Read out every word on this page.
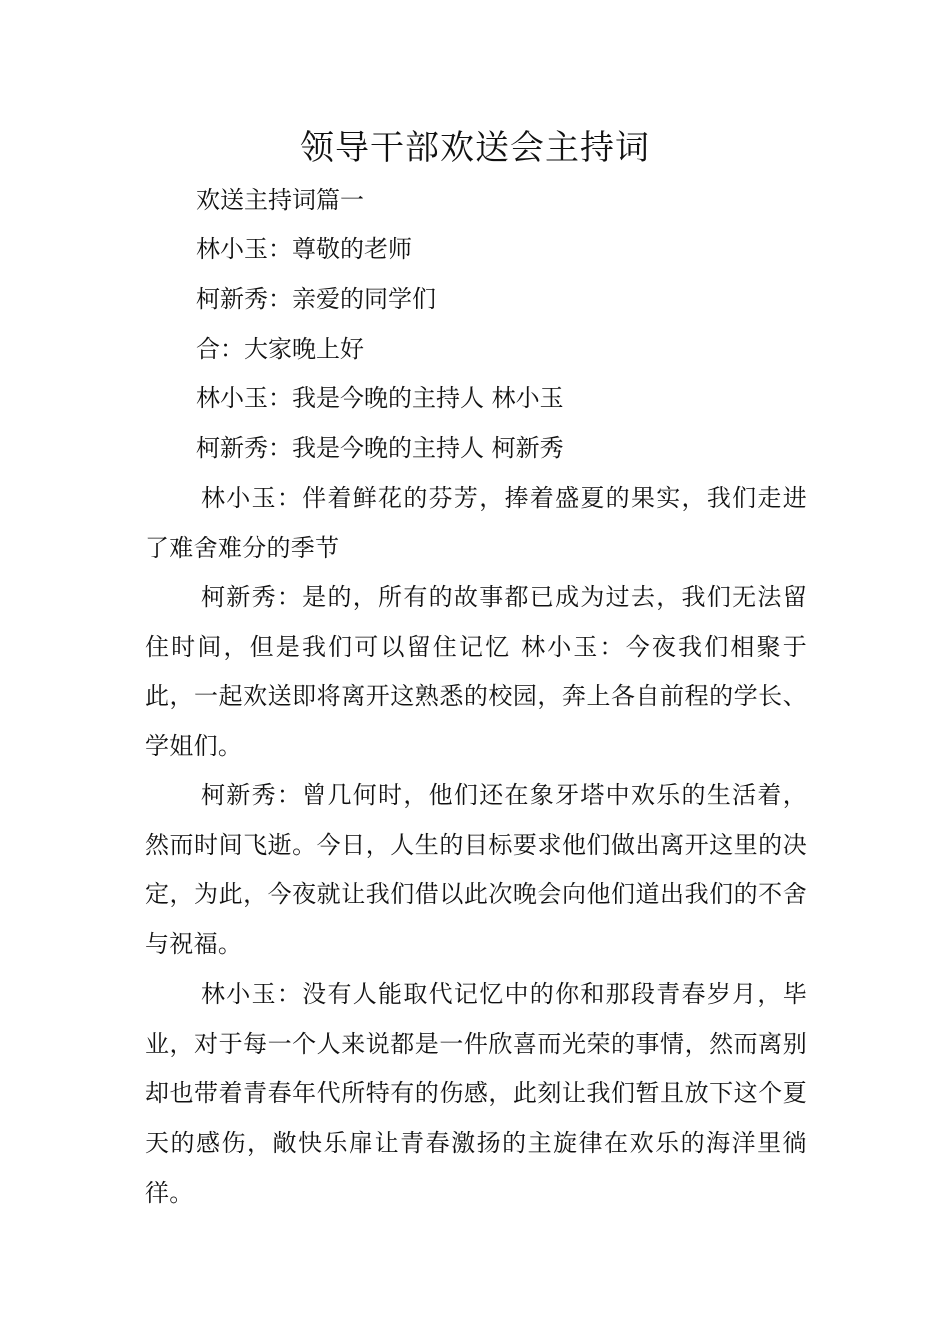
领导干部欢送会主持词

欢送主持词篇一

林小玉：尊敬的老师

柯新秀：亲爱的同学们

合：大家晚上好

林小玉：我是今晚的主持人 林小玉

柯新秀：我是今晚的主持人 柯新秀

林小玉：伴着鲜花的芬芳，捧着盛夏的果实，我们走进了难舍难分的季节

柯新秀：是的，所有的故事都已成为过去，我们无法留住时间，但是我们可以留住记忆 林小玉：今夜我们相聚于此，一起欢送即将离开这熟悉的校园，奔上各自前程的学长、学姐们。

柯新秀：曾几何时，他们还在象牙塔中欢乐的生活着，然而时间飞逝。今日，人生的目标要求他们做出离开这里的决定，为此，今夜就让我们借以此次晚会向他们道出我们的不舍与祝福。

林小玉：没有人能取代记忆中的你和那段青春岁月，毕业，对于每一个人来说都是一件欣喜而光荣的事情，然而离别却也带着青春年代所特有的伤感，此刻让我们暂且放下这个夏天的感伤，敞快乐扉让青春激扬的主旋律在欢乐的海洋里徜徉。
